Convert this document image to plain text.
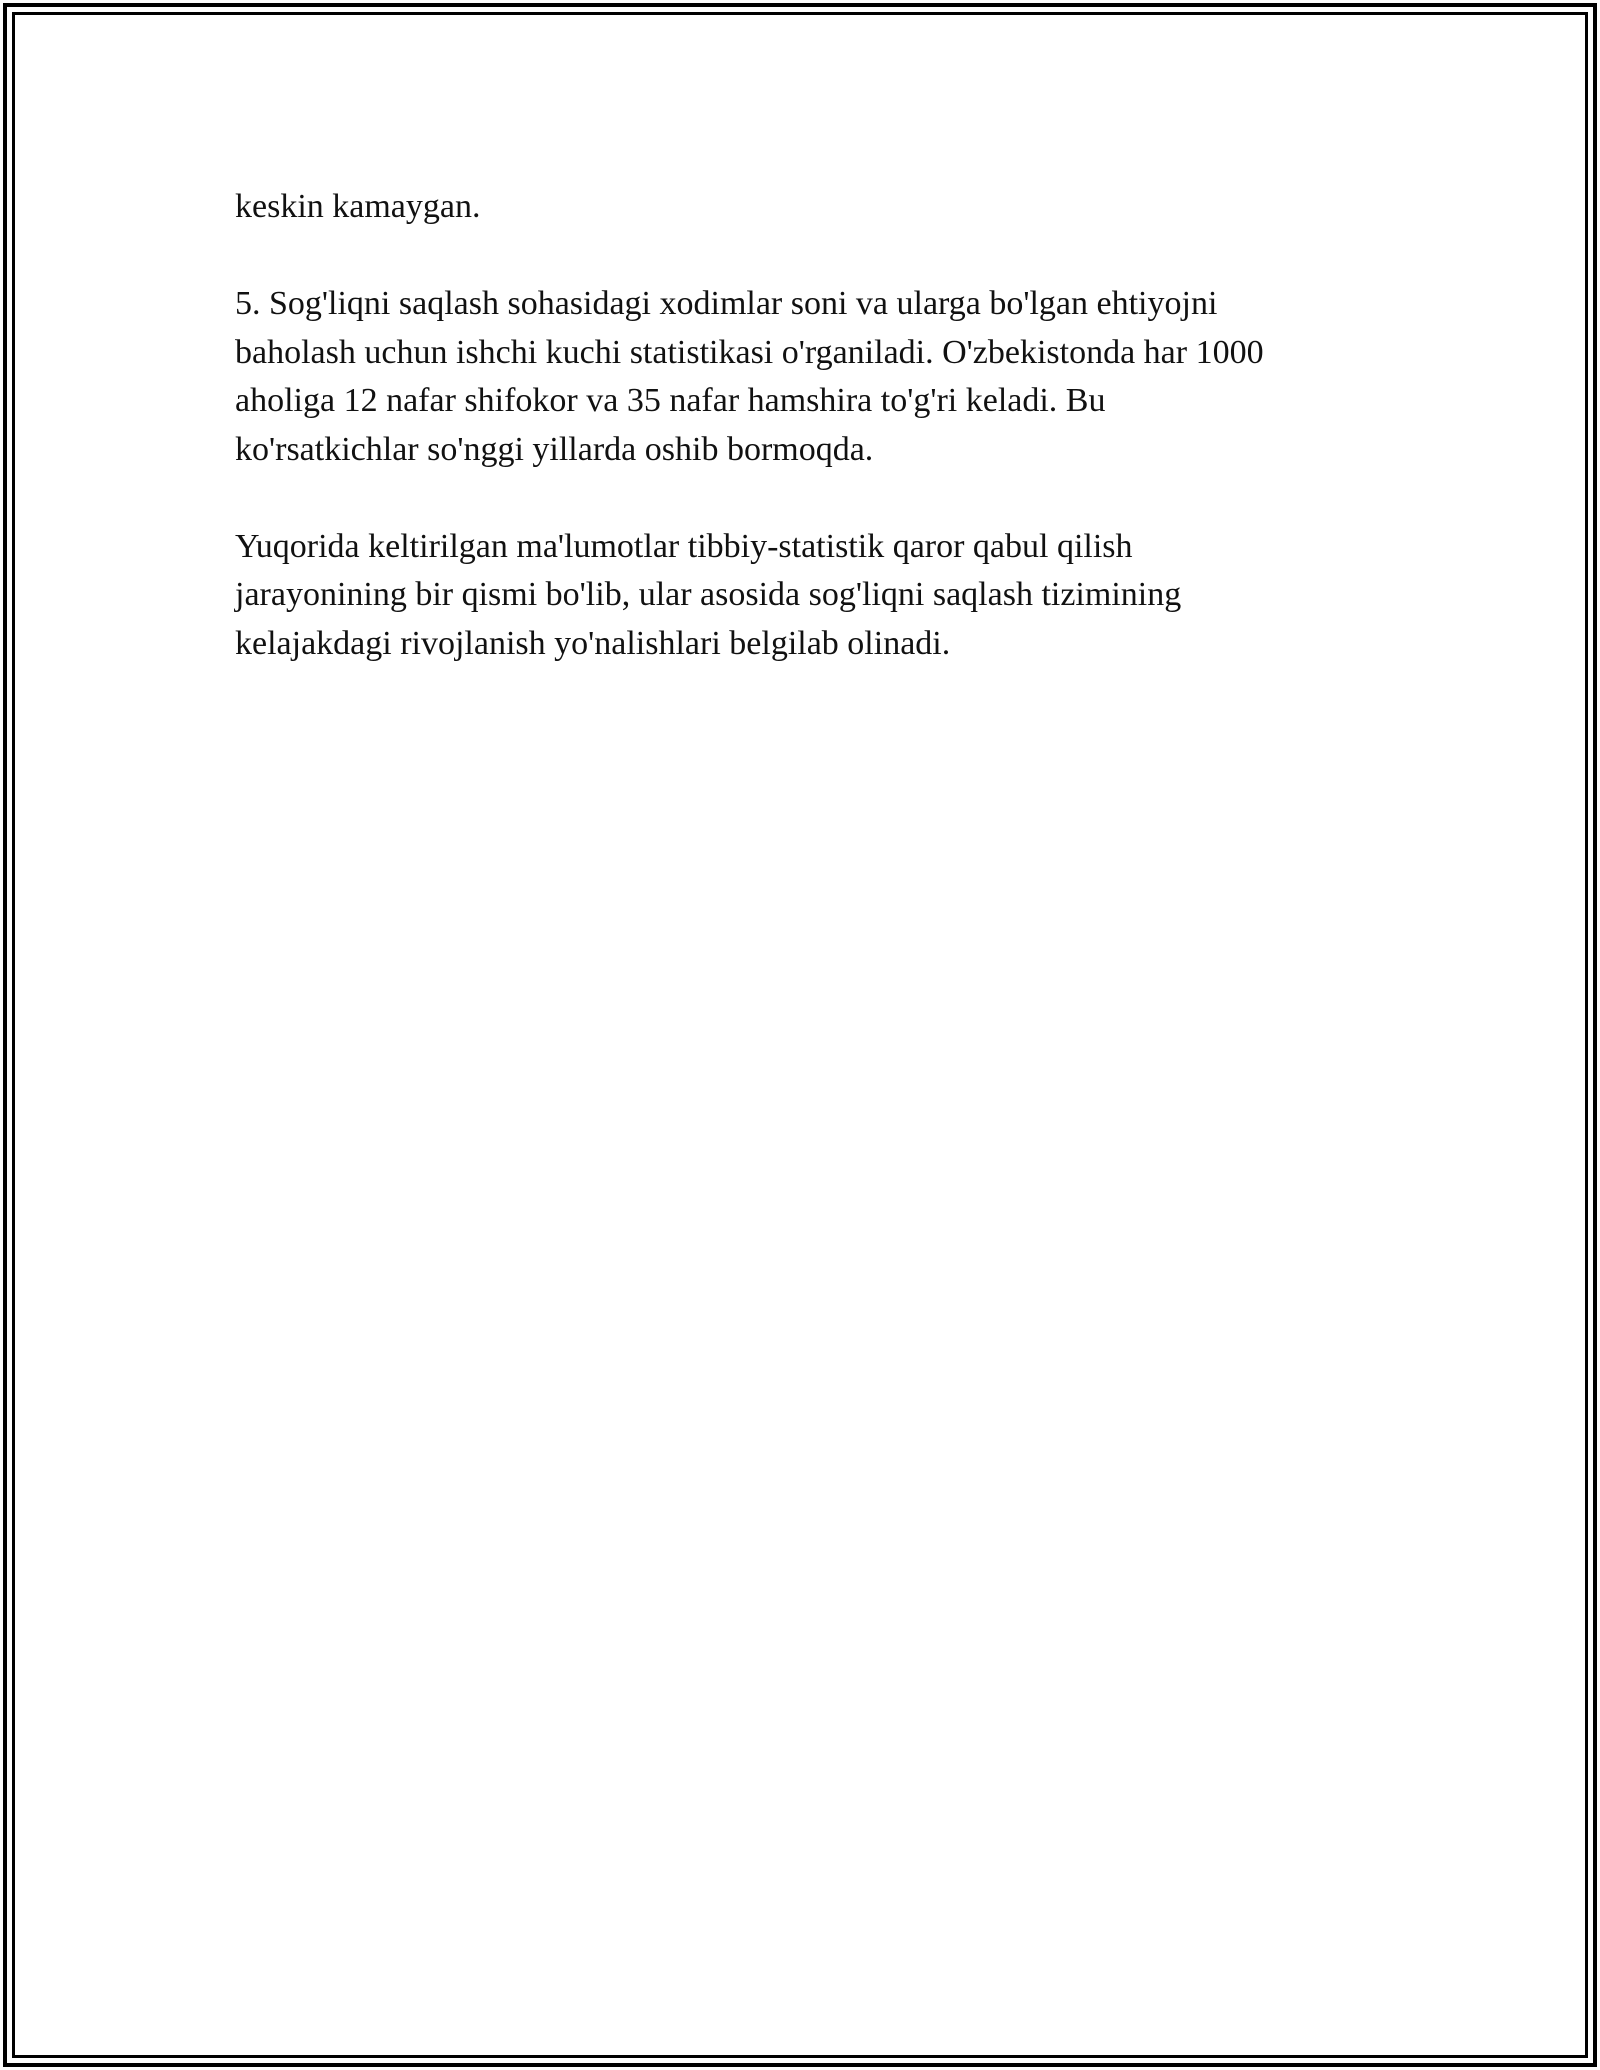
keskin kamaygan.

5. Sog'liqni saqlash sohasidagi xodimlar soni va ularga bo'lgan ehtiyojni
baholash uchun ishchi kuchi statistikasi o'rganiladi. O'zbekistonda har 1000
aholiga 12 nafar shifokor va 35 nafar hamshira to'g'ri keladi. Bu
ko'rsatkichlar so'nggi yillarda oshib bormoqda.

Yuqorida keltirilgan ma'lumotlar tibbiy-statistik qaror qabul qilish
jarayonining bir qismi bo'lib, ular asosida sog'liqni saqlash tizimining
kelajakdagi rivojlanish yo'nalishlari belgilab olinadi.
